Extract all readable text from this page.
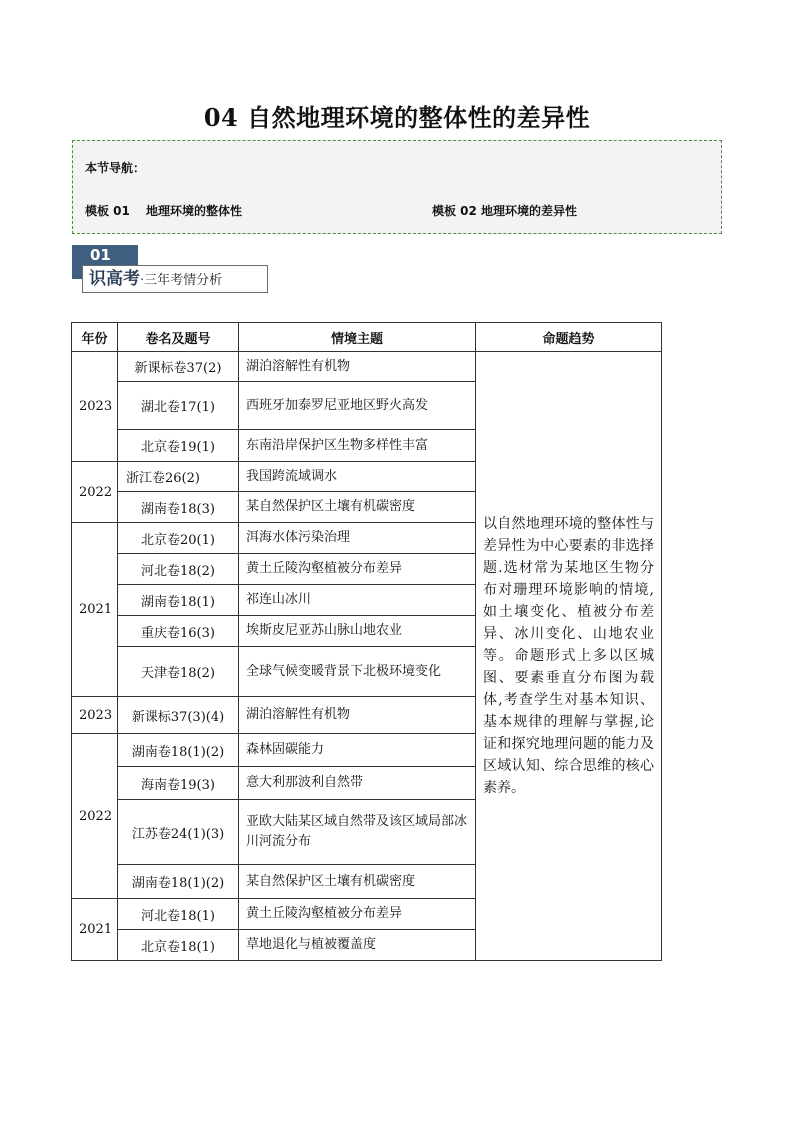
04 自然地理环境的整体性的差异性
本节导航：
模板 01　 地理环境的整体性	模板 02 地理环境的差异性
01
识高考·三年考情分析
年份	卷名及题号	情境主题	命题趋势
2023	新课标卷37(2)	湖泊溶解性有机物	以自然地理环境的整体性与差异性为中心要素的非选择题.选材常为某地区生物分布对珊理环境影响的情境,如土壤变化、植被分布差异、冰川变化、山地农业等。命题形式上多以区城图、要素垂直分布图为载体,考查学生对基本知识、基本规律的理解与掌握,论证和探究地理问题的能力及区域认知、综合思维的核心素养。
	湖北卷17(1)	西班牙加泰罗尼亚地区野火高发	
	北京卷19(1)	东南沿岸保护区生物多样性丰富	
2022	浙江卷26(2)	我国跨流域调水	
	湖南卷18(3)	某自然保护区土壤有机碳密度	
2021	北京卷20(1)	洱海水体污染治理	
	河北卷18(2)	黄土丘陵沟壑植被分布差异	
	湖南卷18(1)	祁连山冰川	
	重庆卷16(3)	埃斯皮尼亚苏山脉山地农业	
	天津卷18(2)	全球气候变暖背景下北极环境变化	
2023	新课标37(3)(4)	湖泊溶解性有机物	
2022	湖南卷18(1)(2)	森林固碳能力	
	海南卷19(3)	意大利那波利自然带	
	江苏卷24(1)(3)	亚欧大陆某区域自然带及该区域局部冰川河流分布	
	湖南卷18(1)(2)	某自然保护区土壤有机碳密度	
2021	河北卷18(1)	黄土丘陵沟壑植被分布差异	
	北京卷18(1)	草地退化与植被覆盖度	
